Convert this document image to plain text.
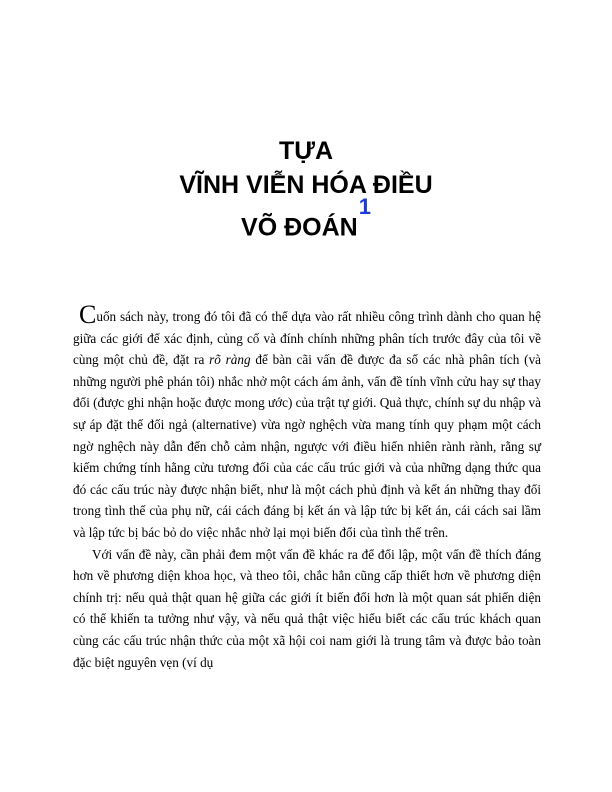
TỰA
VĨNH VIỄN HÓA ĐIỀU
VÕ ĐOÁN$^1$

Cuốn sách này, trong đó tôi đã có thể dựa vào rất nhiều công trình dành cho quan hệ giữa các giới để xác định, củng cố và đính chính những phân tích trước đây của tôi về cùng một chủ đề, đặt ra rõ ràng để bàn cãi vấn đề được đa số các nhà phân tích (và những người phê phán tôi) nhắc nhở một cách ám ảnh, vấn đề tính vĩnh cửu hay sự thay đổi (được ghi nhận hoặc được mong ước) của trật tự giới. Quả thực, chính sự du nhập và sự áp đặt thế đối ngả (alternative) vừa ngờ nghệch vừa mang tính quy phạm một cách ngờ nghệch này dẫn đến chỗ cảm nhận, ngược với điều hiển nhiên rành rành, rằng sự kiếm chứng tính hằng cửu tương đối của các cấu trúc giới và của những dạng thức qua đó các cấu trúc này được nhận biết, như là một cách phủ định và kết án những thay đổi trong tình thế của phụ nữ, cái cách đáng bị kết án và lập tức bị kết án, cái cách sai lầm và lập tức bị bác bỏ do việc nhắc nhở lại mọi biến đổi của tình thế trên.

Với vấn đề này, cần phải đem một vấn đề khác ra để đối lập, một vấn đề thích đáng hơn về phương diện khoa học, và theo tôi, chắc hẳn cũng cấp thiết hơn về phương diện chính trị: nếu quả thật quan hệ giữa các giới ít biến đổi hơn là một quan sát phiến diện có thể khiến ta tưởng như vậy, và nếu quả thật việc hiểu biết các cấu trúc khách quan cùng các cấu trúc nhận thức của một xã hội coi nam giới là trung tâm và được bảo toàn đặc biệt nguyên vẹn (ví dụ
